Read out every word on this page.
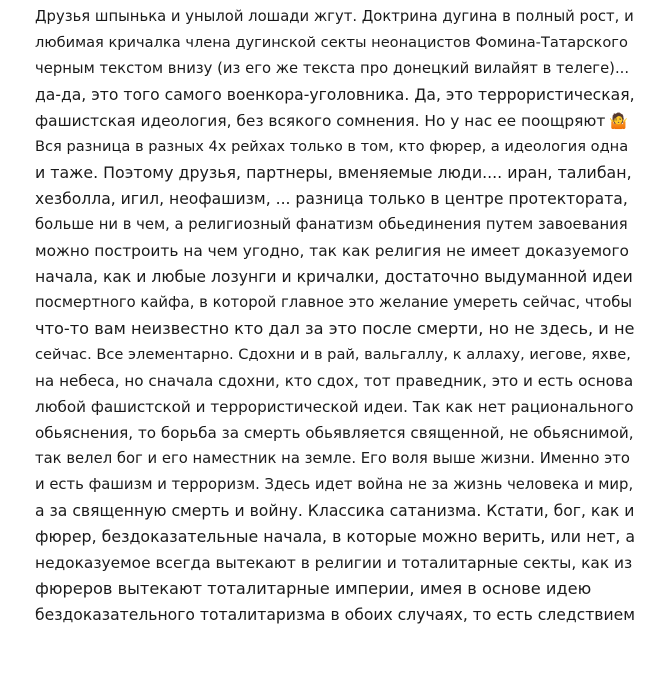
Друзья шпынька и унылой лошади жгут. Доктрина дугина в полный рост, и
любимая кричалка члена дугинской секты неонацистов Фомина-Татарского
черным текстом внизу (из его же текста про донецкий вилайят в телеге)...
да-да, это того самого военкора-уголовника. Да, это террористическая,
фашистская идеология, без всякого сомнения. Но у нас ее поощряют 🤷
Вся разница в разных 4х рейхах только в том, кто фюрер, а идеология одна
и таже. Поэтому друзья, партнеры, вменяемые люди.... иран, талибан,
хезболла, игил, неофашизм, ... разница только в центре протектората,
больше ни в чем, а религиозный фанатизм обьединения путем завоевания
можно построить на чем угодно, так как религия не имеет доказуемого
начала, как и любые лозунги и кричалки, достаточно выдуманной идеи
посмертного кайфа, в которой главное это желание умереть сейчас, чтобы
что-то вам неизвестно кто дал за это после смерти, но не здесь, и не
сейчас. Все элементарно. Сдохни и в рай, вальгаллу, к аллаху, иегове, яхве,
на небеса, но сначала сдохни, кто сдох, тот праведник, это и есть основа
любой фашистской и террористической идеи. Так как нет рационального
обьяснения, то борьба за смерть обьявляется священной, не обьяснимой,
так велел бог и его наместник на земле. Его воля выше жизни. Именно это
и есть фашизм и терроризм. Здесь идет война не за жизнь человека и мир,
а за священную смерть и войну. Классика сатанизма. Кстати, бог, как и
фюрер, бездоказательные начала, в которые можно верить, или нет, а
недоказуемое всегда вытекают в религии и тоталитарные секты, как из
фюреров вытекают тоталитарные империи, имея в основе идею
бездоказательного тоталитаризма в обоих случаях, то есть следствием
